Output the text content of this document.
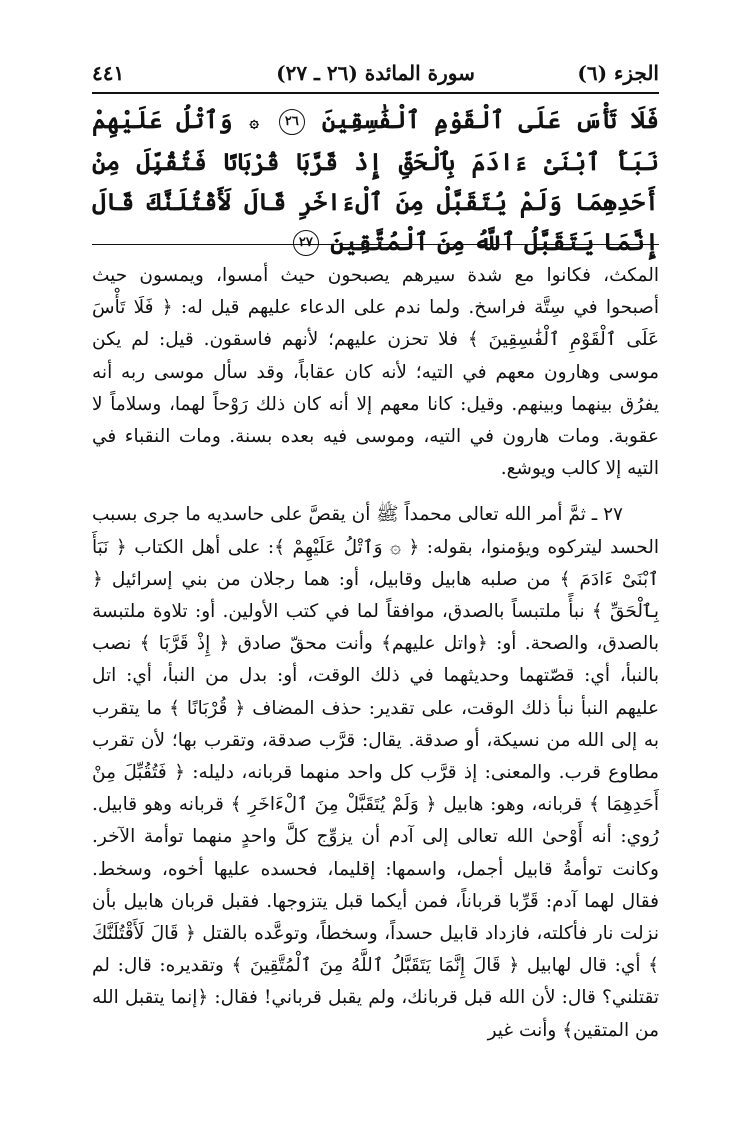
الجزء (٦)
سورة المائدة (٢٦ ـ ٢٧)
٤٤١
فَلَا تَأْسَ عَلَى ٱلْقَوْمِ ٱلْفَٰسِقِينَ ٢٦ ۞ وَٱتْلُ عَلَيْهِمْ نَبَأَ ٱبْنَىْ ءَادَمَ بِٱلْحَقِّ إِذْ قَرَّبَا قُرْبَانًا فَتُقُبِّلَ مِنْ أَحَدِهِمَا وَلَمْ يُتَقَبَّلْ مِنَ ٱلْءَاخَرِ قَالَ لَأَقْتُلَنَّكَ قَالَ إِنَّمَا يَتَقَبَّلُ ٱللَّهُ مِنَ ٱلْمُتَّقِينَ ٢٧

المكث، فكانوا مع شدة سيرهم يصبحون حيث أمسوا، ويمسون حيث أصبحوا في سِتَّة فراسخ. ولما ندم على الدعاء عليهم قيل له: ﴿ فَلَا تَأْسَ عَلَى ٱلْقَوْمِ ٱلْفَٰسِقِينَ ﴾ فلا تحزن عليهم؛ لأنهم فاسقون. قيل: لم يكن موسى وهارون معهم في التيه؛ لأنه كان عقاباً، وقد سأل موسى ربه أنه يفرُق بينهما وبينهم. وقيل: كانا معهم إلا أنه كان ذلك رَوْحاً لهما، وسلاماً لا عقوبة. ومات هارون في التيه، وموسى فيه بعده بسنة. ومات النقباء في التيه إلا كالب ويوشع.

٢٧ ـ ثمَّ أمر الله تعالى محمداً ﷺ أن يقصَّ على حاسديه ما جرى بسبب الحسد ليتركوه ويؤمنوا، بقوله: ﴿ ۞ وَٱتْلُ عَلَيْهِمْ ﴾: على أهل الكتاب ﴿ نَبَأَ ٱبْنَىْ ءَادَمَ ﴾ من صلبه هابيل وقابيل، أو: هما رجلان من بني إسرائيل ﴿ بِٱلْحَقِّ ﴾ نبأً ملتبساً بالصدق، موافقاً لما في كتب الأولين. أو: تلاوة ملتبسة بالصدق، والصحة. أو: ﴿واتل عليهم﴾ وأنت محقّ صادق ﴿ إِذْ قَرَّبَا ﴾ نصب بالنبأ، أي: قصّتهما وحديثهما في ذلك الوقت، أو: بدل من النبأ، أي: اتل عليهم النبأ نبأ ذلك الوقت، على تقدير: حذف المضاف ﴿ قُرْبَانًا ﴾ ما يتقرب به إلى الله من نسيكة، أو صدقة. يقال: قرَّب صدقة، وتقرب بها؛ لأن تقرب مطاوع قرب. والمعنى: إذ قرَّب كل واحد منهما قربانه، دليله: ﴿ فَتُقُبِّلَ مِنْ أَحَدِهِمَا ﴾ قربانه، وهو: هابيل ﴿ وَلَمْ يُتَقَبَّلْ مِنَ ٱلْءَاخَرِ ﴾ قربانه وهو قابيل. رُوي: أنه أَوْحىٰ الله تعالى إلى آدم أن يزوِّج كلَّ واحدٍ منهما توأمة الآخر. وكانت توأمةُ قابيل أجمل، واسمها: إقليما، فحسده عليها أخوه، وسخط. فقال لهما آدم: قَرِّبا قرباناً، فمن أيكما قبل يتزوجها. فقبل قربان هابيل بأن نزلت نار فأكلته، فازداد قابيل حسداً، وسخطاً، وتوعَّده بالقتل ﴿ قَالَ لَأَقْتُلَنَّكَ ﴾ أي: قال لهابيل ﴿ قَالَ إِنَّمَا يَتَقَبَّلُ ٱللَّهُ مِنَ ٱلْمُتَّقِينَ ﴾ وتقديره: قال: لم تقتلني؟ قال: لأن الله قبل قربانك، ولم يقبل قرباني! فقال: ﴿إنما يتقبل الله من المتقين﴾ وأنت غير
